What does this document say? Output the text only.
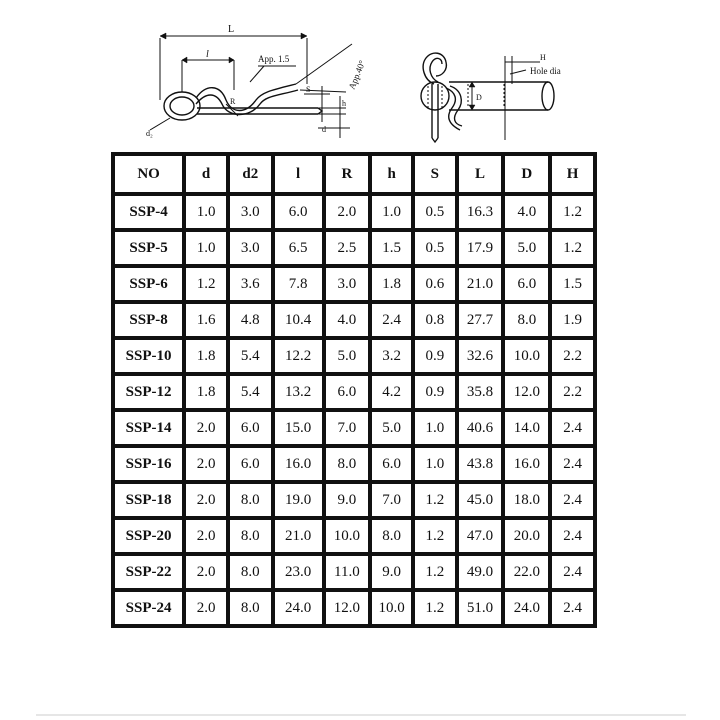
L
l	App. 1.5	App.40°
R
S
h
d
d₂
D
H
Hole dia
NO	d	d2	l	R	h	S	L	D	H
SSP-4	1.0	3.0	6.0	2.0	1.0	0.5	16.3	4.0	1.2
SSP-5	1.0	3.0	6.5	2.5	1.5	0.5	17.9	5.0	1.2
SSP-6	1.2	3.6	7.8	3.0	1.8	0.6	21.0	6.0	1.5
SSP-8	1.6	4.8	10.4	4.0	2.4	0.8	27.7	8.0	1.9
SSP-10	1.8	5.4	12.2	5.0	3.2	0.9	32.6	10.0	2.2
SSP-12	1.8	5.4	13.2	6.0	4.2	0.9	35.8	12.0	2.2
SSP-14	2.0	6.0	15.0	7.0	5.0	1.0	40.6	14.0	2.4
SSP-16	2.0	6.0	16.0	8.0	6.0	1.0	43.8	16.0	2.4
SSP-18	2.0	8.0	19.0	9.0	7.0	1.2	45.0	18.0	2.4
SSP-20	2.0	8.0	21.0	10.0	8.0	1.2	47.0	20.0	2.4
SSP-22	2.0	8.0	23.0	11.0	9.0	1.2	49.0	22.0	2.4
SSP-24	2.0	8.0	24.0	12.0	10.0	1.2	51.0	24.0	2.4
